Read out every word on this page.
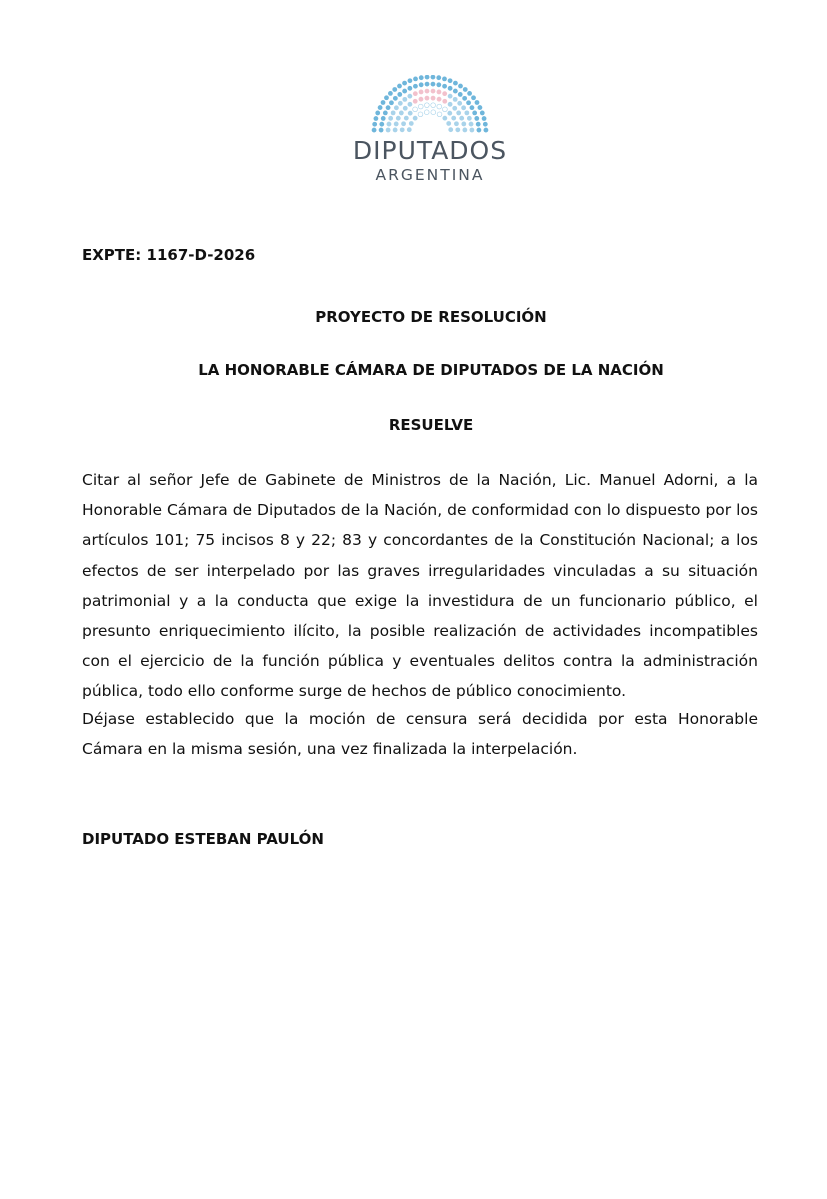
DIPUTADOS
ARGENTINA
EXPTE: 1167-D-2026
PROYECTO DE RESOLUCIÓN
LA HONORABLE CÁMARA DE DIPUTADOS DE LA NACIÓN
RESUELVE

Citar al señor Jefe de Gabinete de Ministros de la Nación, Lic. Manuel Adorni, a la Honorable Cámara de Diputados de la Nación, de conformidad con lo dispuesto por los artículos 101; 75 incisos 8 y 22; 83 y concordantes de la Constitución Nacional; a los efectos de ser interpelado por las graves irregularidades vinculadas a su situación patrimonial y a la conducta que exige la investidura de un funcionario público, el presunto enriquecimiento ilícito, la posible realización de actividades incompatibles con el ejercicio de la función pública y eventuales delitos contra la administración pública, todo ello conforme surge de hechos de público conocimiento.

Déjase establecido que la moción de censura será decidida por esta Honorable Cámara en la misma sesión, una vez finalizada la interpelación.

DIPUTADO ESTEBAN PAULÓN
